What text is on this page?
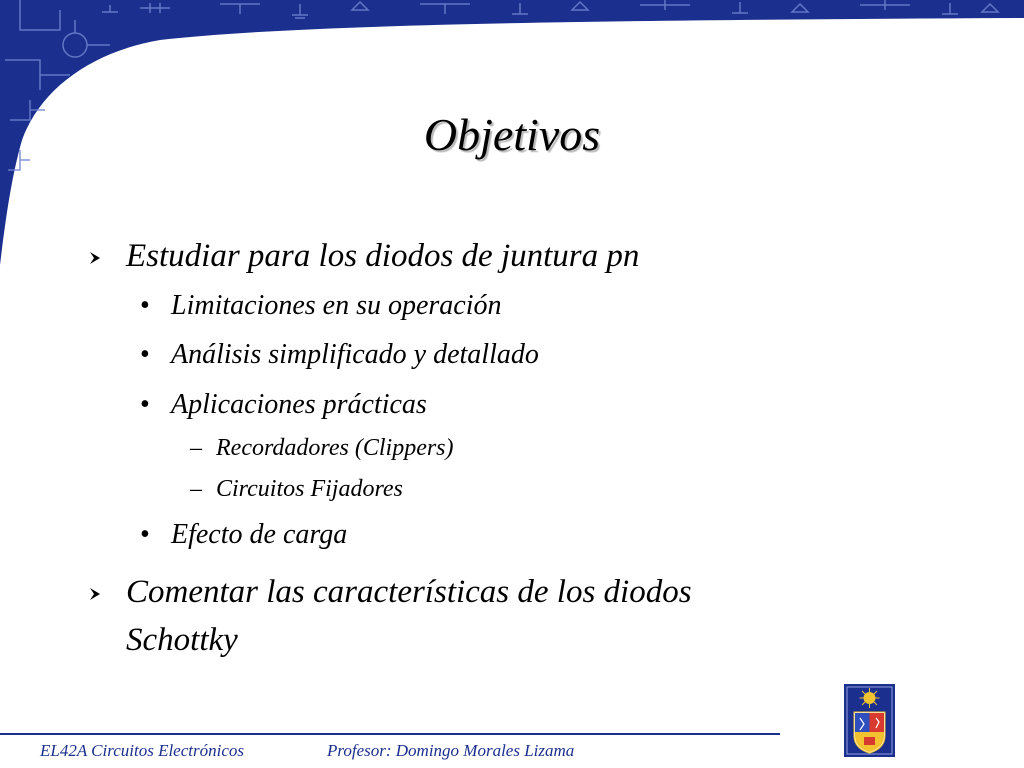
Objetivos
Estudiar para los diodos de juntura pn
• Limitaciones en su operación
• Análisis simplificado y detallado
• Aplicaciones prácticas
– Recordadores (Clippers)
– Circuitos Fijadores
• Efecto de carga
Comentar las características de los diodos
Schottky
EL42A Circuitos Electrónicos	Profesor: Domingo Morales Lizama
